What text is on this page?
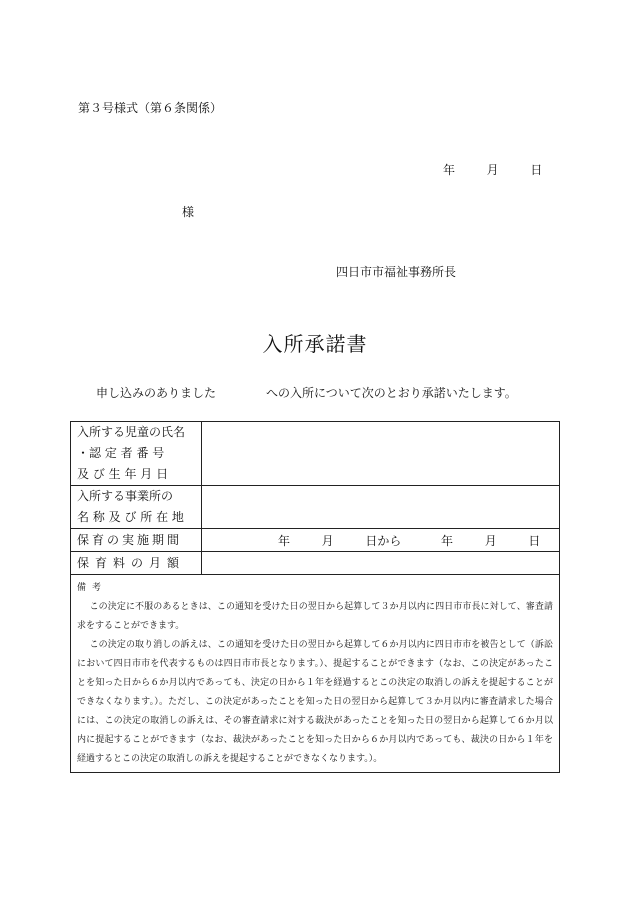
第３号様式（第６条関係）
年	月	日
様
四日市市福祉事務所長
入所承諾書
申し込みのありました	への入所について次のとおり承諾いたします。
入所する児童の氏名
・認 定 者 番 号
及 び 生 年 月 日	

入所する事業所の
名 称 及 び 所 在 地	

保育の実施期間	年 月 日から 年 月 日

保育料の月額	

備考

この決定に不服のあるときは、この通知を受けた日の翌日から起算して３か月以内に四日市市長に対して、審査請求をすることができます。

この決定の取り消しの訴えは、この通知を受けた日の翌日から起算して６か月以内に四日市市を被告として（訴訟において四日市市を代表するものは四日市市長となります。）、提起することができます（なお、この決定があったことを知った日から６か月以内であっても、決定の日から１年を経過するとこの決定の取消しの訴えを提起することができなくなります。）。ただし、この決定があったことを知った日の翌日から起算して３か月以内に審査請求した場合には、この決定の取消しの訴えは、その審査請求に対する裁決があったことを知った日の翌日から起算して６か月以内に提起することができます（なお、裁決があったことを知った日から６か月以内であっても、裁決の日から１年を経過するとこの決定の取消しの訴えを提起することができなくなります。）。	
